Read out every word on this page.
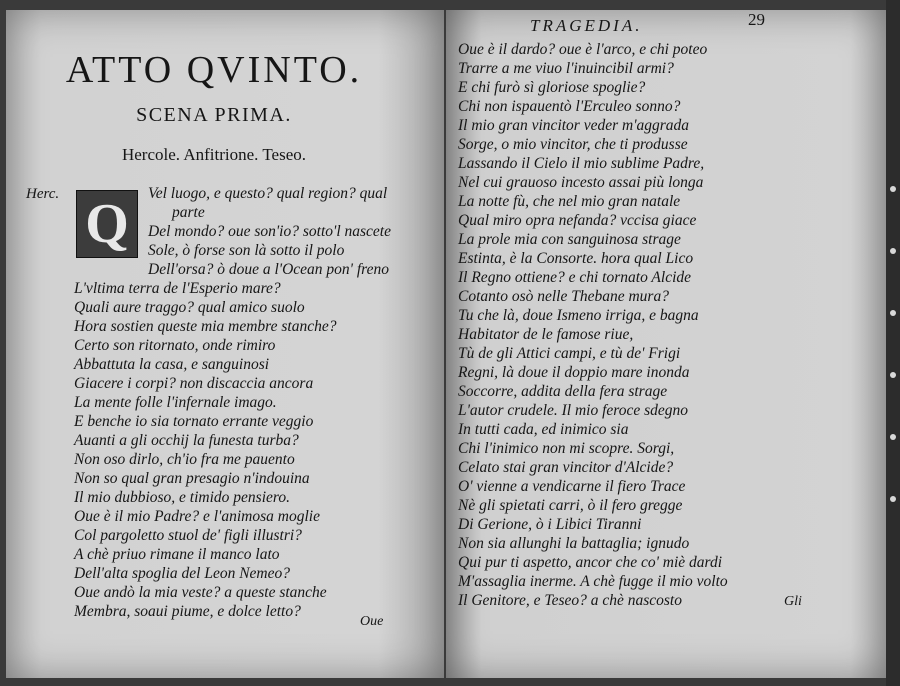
ATTO QVINTO.
SCENA PRIMA.
Hercole. Anfitrione. Teseo.
Herc. Q	Vel luogo, e questo? qual region? qual
parte
Del mondo? oue son'io? sotto'l nascete
Sole, ò forse son là sotto il polo
Dell'orsa? ò doue a l'Ocean pon' freno
L'vltima terra de l'Esperio mare?
Quali aure traggo? qual amico suolo
Hora sostien queste mia membre stanche?
Certo son ritornato, onde rimiro
Abbattuta la casa, e sanguinosi
Giacere i corpi? non discaccia ancora
La mente folle l'infernale imago.
E benche io sia tornato errante veggio
Auanti a gli occhij la funesta turba?
Non oso dirlo, ch'io fra me pauento
Non so qual gran presagio n'indouina
Il mio dubbioso, e timido pensiero.
Oue è il mio Padre? e l'animosa moglie
Col pargoletto stuol de' figli illustri?
A chè priuo rimane il manco lato
Dell'alta spoglia del Leon Nemeo?
Oue andò la mia veste? a queste stanche
Membra, soaui piume, e dolce letto?
Oue
TRAGEDIA.	29
Oue è il dardo? oue è l'arco, e chi poteo
Trarre a me viuo l'inuincibil armi?
E chi furò sì gloriose spoglie?
Chi non ispauentò l'Erculeo sonno?
Il mio gran vincitor veder m'aggrada
Sorge, o mio vincitor, che ti produsse
Lassando il Cielo il mio sublime Padre,
Nel cui grauoso incesto assai più longa
La notte fù, che nel mio gran natale
Qual miro opra nefanda? vccisa giace
La prole mia con sanguinosa strage
Estinta, è la Consorte. hora qual Lico
Il Regno ottiene? e chi tornato Alcide
Cotanto osò nelle Thebane mura?
Tu che là, doue Ismeno irriga, e bagna
Habitator de le famose riue,
Tù de gli Attici campi, e tù de' Frigi
Regni, là doue il doppio mare inonda
Soccorre, addita della fera strage
L'autor crudele. Il mio feroce sdegno
In tutti cada, ed inimico sia
Chi l'inimico non mi scopre. Sorgi,
Celato stai gran vincitor d'Alcide?
O' vienne a vendicarne il fiero Trace
Nè gli spietati carri, ò il fero gregge
Di Gerione, ò i Libici Tiranni
Non sia allunghi la battaglia; ignudo
Qui pur ti aspetto, ancor che co' miè dardi
M'assaglia inerme. A chè fugge il mio volto
Il Genitore, e Teseo? a chè nascosto	Gli
